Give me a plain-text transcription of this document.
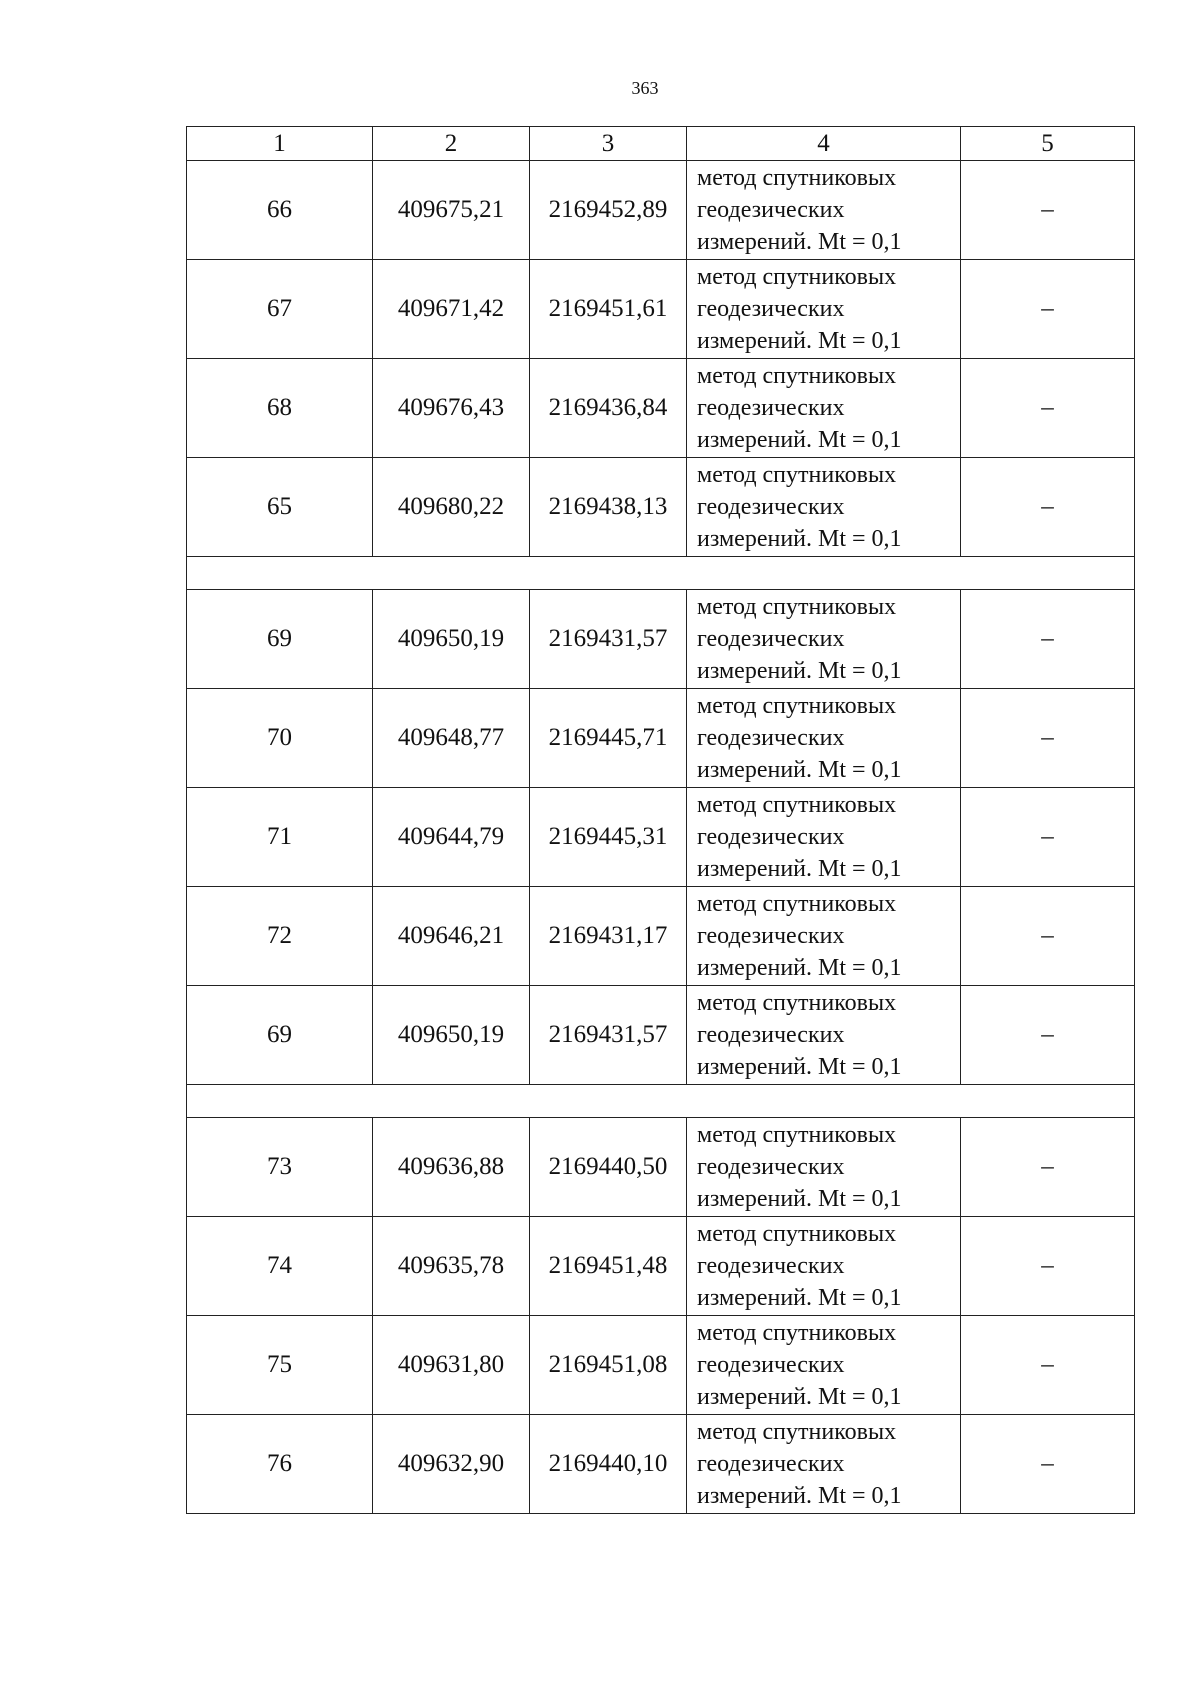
363
1	2	3	4	5
66	409675,21	2169452,89	метод спутниковых
геодезических
измерений. Mt = 0,1	–
67	409671,42	2169451,61	метод спутниковых
геодезических
измерений. Mt = 0,1	–
68	409676,43	2169436,84	метод спутниковых
геодезических
измерений. Mt = 0,1	–
65	409680,22	2169438,13	метод спутниковых
геодезических
измерений. Mt = 0,1	–

69	409650,19	2169431,57	метод спутниковых
геодезических
измерений. Mt = 0,1	–
70	409648,77	2169445,71	метод спутниковых
геодезических
измерений. Mt = 0,1	–
71	409644,79	2169445,31	метод спутниковых
геодезических
измерений. Mt = 0,1	–
72	409646,21	2169431,17	метод спутниковых
геодезических
измерений. Mt = 0,1	–
69	409650,19	2169431,57	метод спутниковых
геодезических
измерений. Mt = 0,1	–

73	409636,88	2169440,50	метод спутниковых
геодезических
измерений. Mt = 0,1	–
74	409635,78	2169451,48	метод спутниковых
геодезических
измерений. Mt = 0,1	–
75	409631,80	2169451,08	метод спутниковых
геодезических
измерений. Mt = 0,1	–
76	409632,90	2169440,10	метод спутниковых
геодезических
измерений. Mt = 0,1	–
